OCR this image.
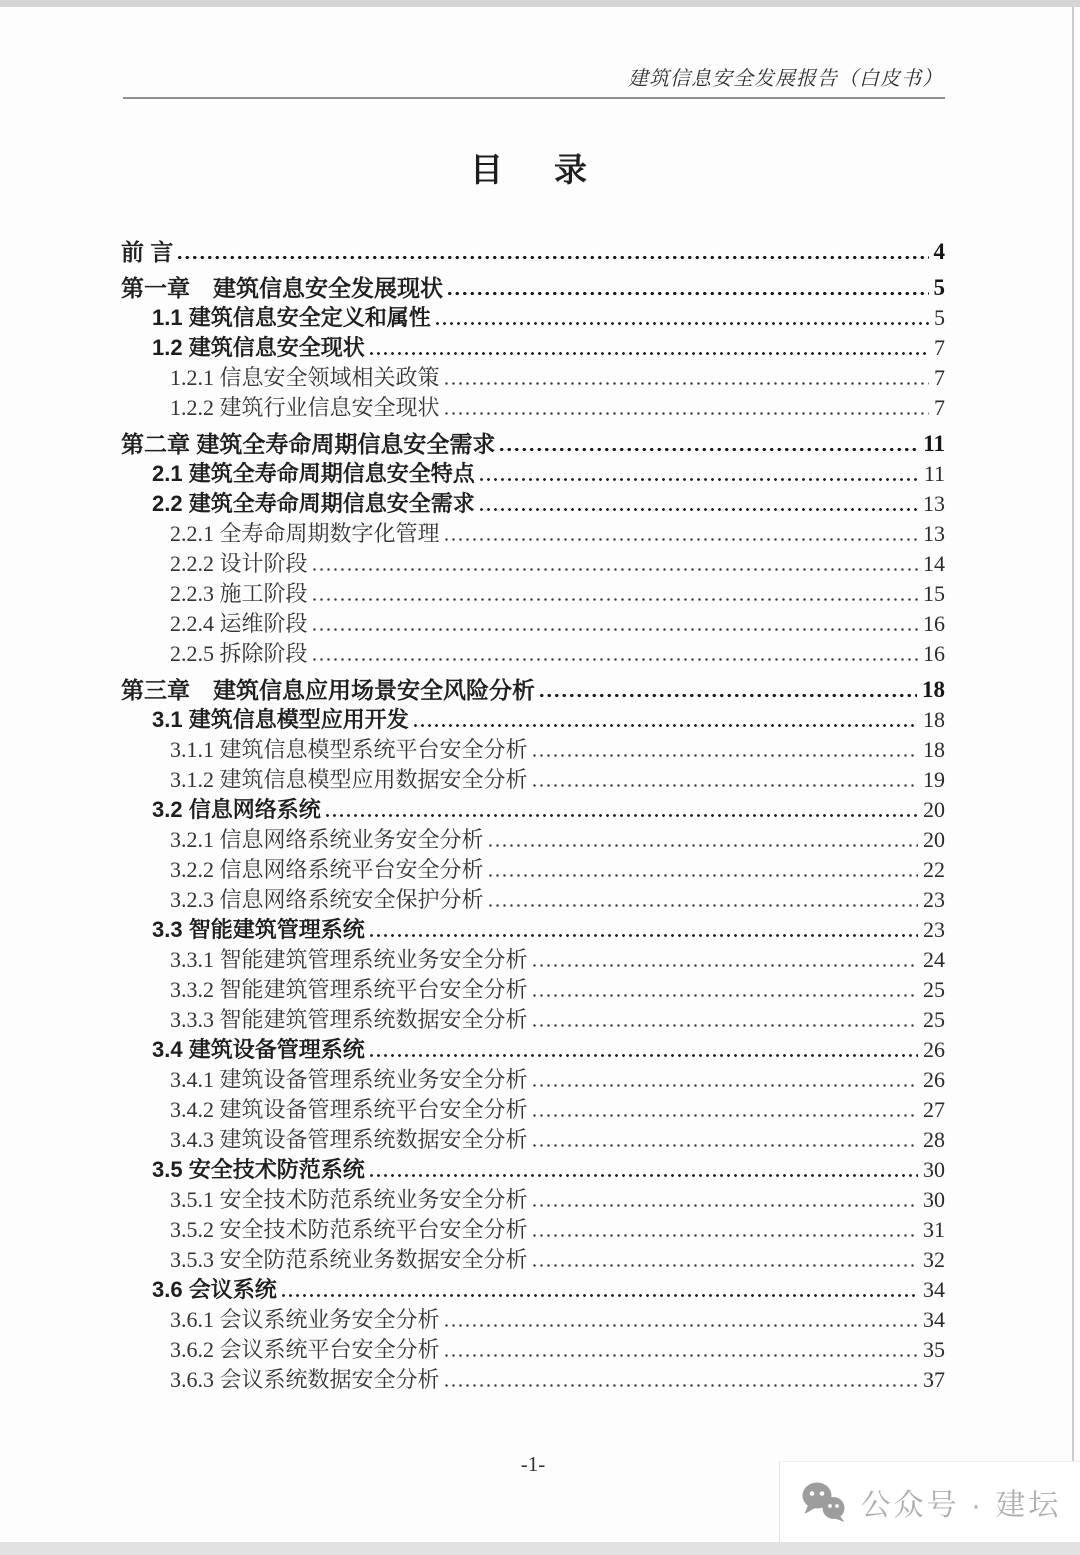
建筑信息安全发展报告（白皮书）
目　录
前 言	4
第一章　建筑信息安全发展现状	5
1.1 建筑信息安全定义和属性	5
1.2 建筑信息安全现状	7
1.2.1 信息安全领域相关政策	7
1.2.2 建筑行业信息安全现状	7
第二章 建筑全寿命周期信息安全需求	11
2.1 建筑全寿命周期信息安全特点	11
2.2 建筑全寿命周期信息安全需求	13
2.2.1 全寿命周期数字化管理	13
2.2.2 设计阶段	14
2.2.3 施工阶段	15
2.2.4 运维阶段	16
2.2.5 拆除阶段	16
第三章　建筑信息应用场景安全风险分析	18
3.1 建筑信息模型应用开发	18
3.1.1 建筑信息模型系统平台安全分析	18
3.1.2 建筑信息模型应用数据安全分析	19
3.2 信息网络系统	20
3.2.1 信息网络系统业务安全分析	20
3.2.2 信息网络系统平台安全分析	22
3.2.3 信息网络系统安全保护分析	23
3.3 智能建筑管理系统	23
3.3.1 智能建筑管理系统业务安全分析	24
3.3.2 智能建筑管理系统平台安全分析	25
3.3.3 智能建筑管理系统数据安全分析	25
3.4 建筑设备管理系统	26
3.4.1 建筑设备管理系统业务安全分析	26
3.4.2 建筑设备管理系统平台安全分析	27
3.4.3 建筑设备管理系统数据安全分析	28
3.5 安全技术防范系统	30
3.5.1 安全技术防范系统业务安全分析	30
3.5.2 安全技术防范系统平台安全分析	31
3.5.3 安全防范系统业务数据安全分析	32
3.6 会议系统	34
3.6.1 会议系统业务安全分析	34
3.6.2 会议系统平台安全分析	35
3.6.3 会议系统数据安全分析	37
-1-
公众号 · 建坛
